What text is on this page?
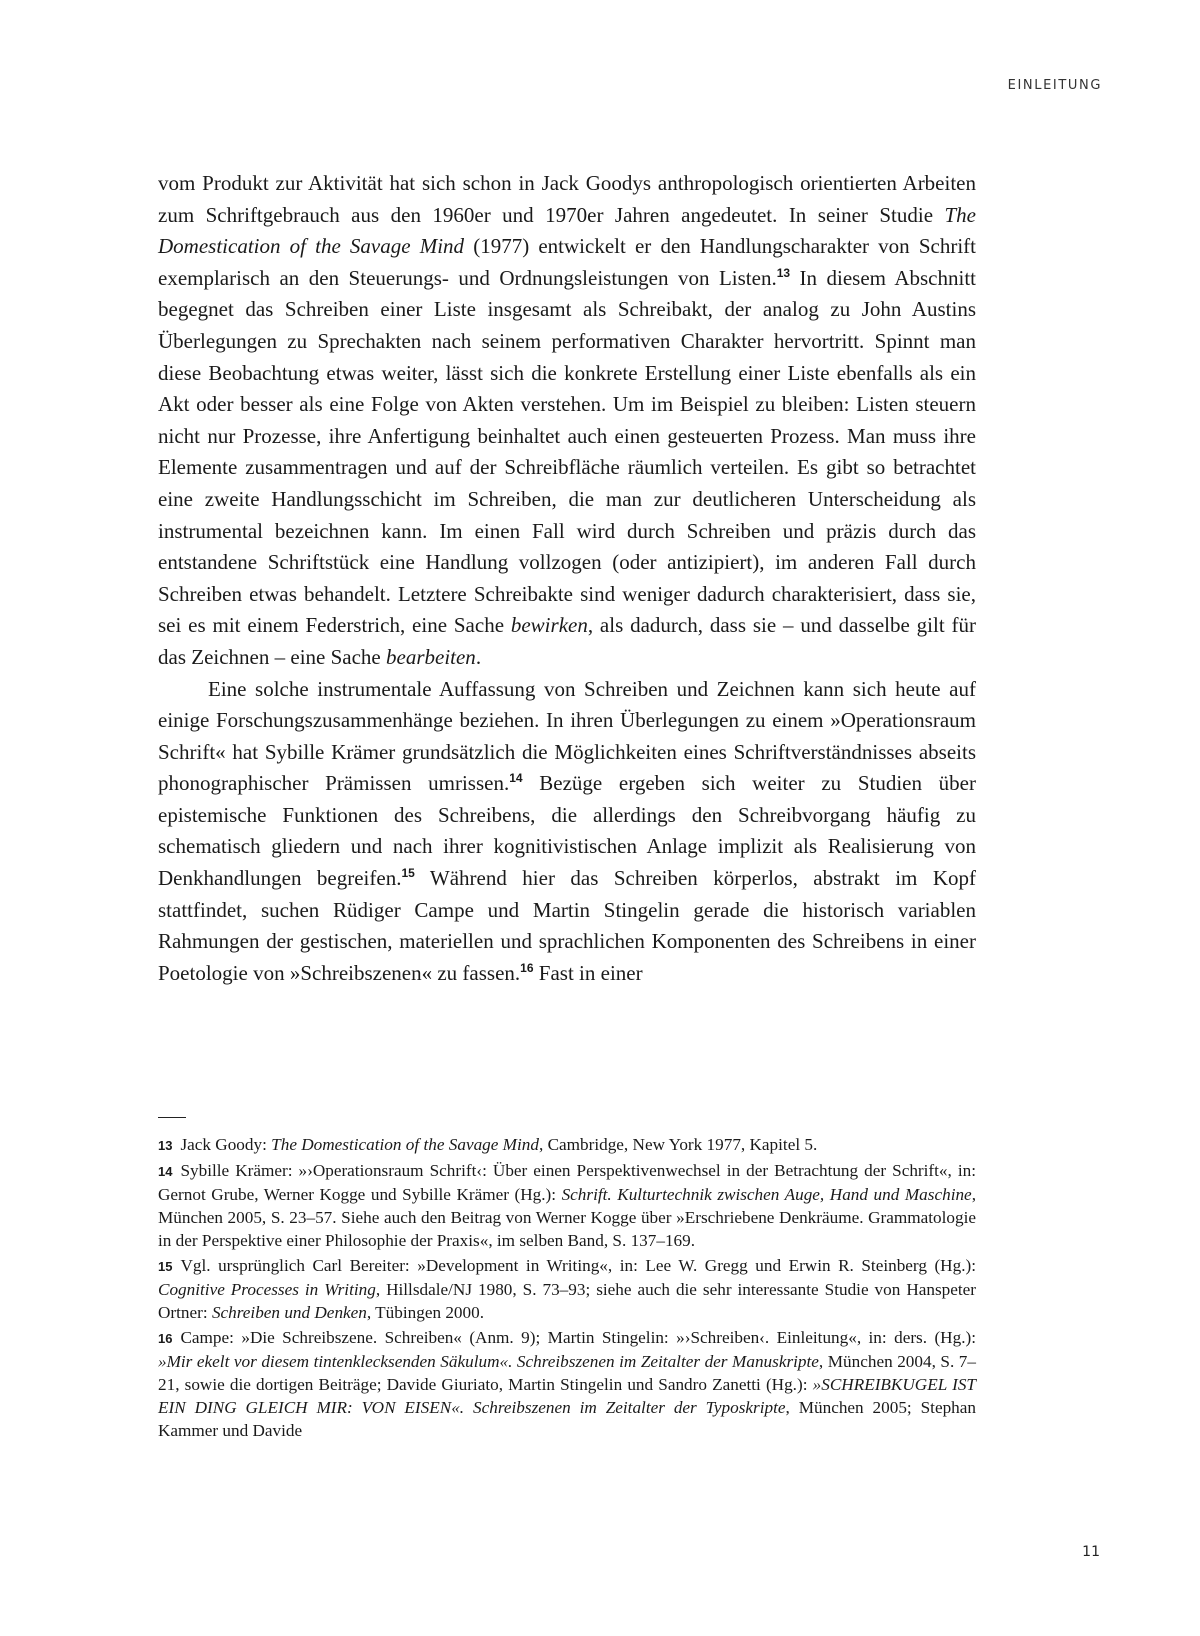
EINLEITUNG

vom Produkt zur Aktivität hat sich schon in Jack Goodys anthropologisch orientierten Arbeiten zum Schriftgebrauch aus den 1960er und 1970er Jahren angedeutet. In seiner Studie The Domestication of the Savage Mind (1977) entwickelt er den Handlungscharakter von Schrift exemplarisch an den Steuerungs- und Ordnungsleistungen von Listen.$^{13}$ In diesem Abschnitt begegnet das Schreiben einer Liste insgesamt als Schreibakt, der analog zu John Austins Überlegungen zu Sprechakten nach seinem performativen Charakter hervortritt. Spinnt man diese Beobachtung etwas weiter, lässt sich die konkrete Erstellung einer Liste ebenfalls als ein Akt oder besser als eine Folge von Akten verstehen. Um im Beispiel zu bleiben: Listen steuern nicht nur Prozesse, ihre Anfertigung beinhaltet auch einen gesteuerten Prozess. Man muss ihre Elemente zusammentragen und auf der Schreibfläche räumlich verteilen. Es gibt so betrachtet eine zweite Handlungsschicht im Schreiben, die man zur deutlicheren Unterscheidung als instrumental bezeichnen kann. Im einen Fall wird durch Schreiben und präzis durch das entstandene Schriftstück eine Handlung vollzogen (oder antizipiert), im anderen Fall durch Schreiben etwas behandelt. Letztere Schreibakte sind weniger dadurch charakterisiert, dass sie, sei es mit einem Federstrich, eine Sache bewirken, als dadurch, dass sie – und dasselbe gilt für das Zeichnen – eine Sache bearbeiten.

Eine solche instrumentale Auffassung von Schreiben und Zeichnen kann sich heute auf einige Forschungszusammenhänge beziehen. In ihren Überlegungen zu einem »Operationsraum Schrift« hat Sybille Krämer grundsätzlich die Möglichkeiten eines Schriftverständnisses abseits phonographischer Prämissen umrissen.$^{14}$ Bezüge ergeben sich weiter zu Studien über epistemische Funktionen des Schreibens, die allerdings den Schreibvorgang häufig zu schematisch gliedern und nach ihrer kognitivistischen Anlage implizit als Realisierung von Denkhandlungen begreifen.$^{15}$ Während hier das Schreiben körperlos, abstrakt im Kopf stattfindet, suchen Rüdiger Campe und Martin Stingelin gerade die historisch variablen Rahmungen der gestischen, materiellen und sprachlichen Komponenten des Schreibens in einer Poetologie von »Schreibszenen« zu fassen.$^{16}$ Fast in einer

13 Jack Goody: The Domestication of the Savage Mind, Cambridge, New York 1977, Kapitel 5.

14 Sybille Krämer: »›Operationsraum Schrift‹: Über einen Perspektivenwechsel in der Betrachtung der Schrift«, in: Gernot Grube, Werner Kogge und Sybille Krämer (Hg.): Schrift. Kulturtechnik zwischen Auge, Hand und Maschine, München 2005, S. 23–57. Siehe auch den Beitrag von Werner Kogge über »Erschriebene Denkräume. Grammatologie in der Perspektive einer Philosophie der Praxis«, im selben Band, S. 137–169.

15 Vgl. ursprünglich Carl Bereiter: »Development in Writing«, in: Lee W. Gregg und Erwin R. Steinberg (Hg.): Cognitive Processes in Writing, Hillsdale/NJ 1980, S. 73–93; siehe auch die sehr interessante Studie von Hanspeter Ortner: Schreiben und Denken, Tübingen 2000.

16 Campe: »Die Schreibszene. Schreiben« (Anm. 9); Martin Stingelin: »›Schreiben‹. Einleitung«, in: ders. (Hg.): »Mir ekelt vor diesem tintenklecksenden Säkulum«. Schreibszenen im Zeitalter der Manuskripte, München 2004, S. 7–21, sowie die dortigen Beiträge; Davide Giuriato, Martin Stingelin und Sandro Zanetti (Hg.): »SCHREIBKUGEL IST EIN DING GLEICH MIR: VON EISEN«. Schreibszenen im Zeitalter der Typoskripte, München 2005; Stephan Kammer und Davide

11
